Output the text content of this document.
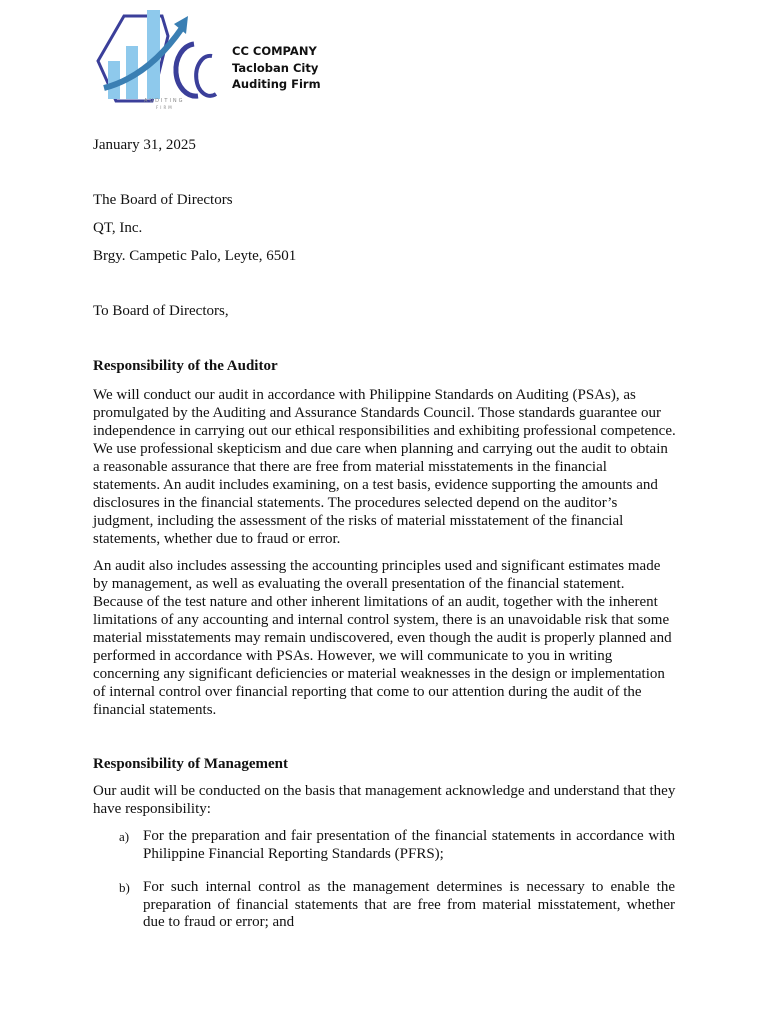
AUDITING
FIRM
CC COMPANY
Tacloban City
Auditing Firm
January 31, 2025
The Board of Directors
QT, Inc.
Brgy. Campetic Palo, Leyte, 6501
To Board of Directors,
Responsibility of the Auditor

We will conduct our audit in accordance with Philippine Standards on Auditing (PSAs), as promulgated by the Auditing and Assurance Standards Council. Those standards guarantee our independence in carrying out our ethical responsibilities and exhibiting professional competence. We use professional skepticism and due care when planning and carrying out the audit to obtain a reasonable assurance that there are free from material misstatements in the financial statements. An audit includes examining, on a test basis, evidence supporting the amounts and disclosures in the financial statements. The procedures selected depend on the auditor’s judgment, including the assessment of the risks of material misstatement of the financial statements, whether due to fraud or error.

An audit also includes assessing the accounting principles used and significant estimates made by management, as well as evaluating the overall presentation of the financial statement. Because of the test nature and other inherent limitations of an audit, together with the inherent limitations of any accounting and internal control system, there is an unavoidable risk that some material misstatements may remain undiscovered, even though the audit is properly planned and performed in accordance with PSAs. However, we will communicate to you in writing concerning any significant deficiencies or material weaknesses in the design or implementation of internal control over financial reporting that come to our attention during the audit of the financial statements.

Responsibility of Management

Our audit will be conducted on the basis that management acknowledge and understand that they have responsibility:

a) For the preparation and fair presentation of the financial statements in accordance with Philippine Financial Reporting Standards (PFRS);
b) For such internal control as the management determines is necessary to enable the preparation of financial statements that are free from material misstatement, whether due to fraud or error; and
